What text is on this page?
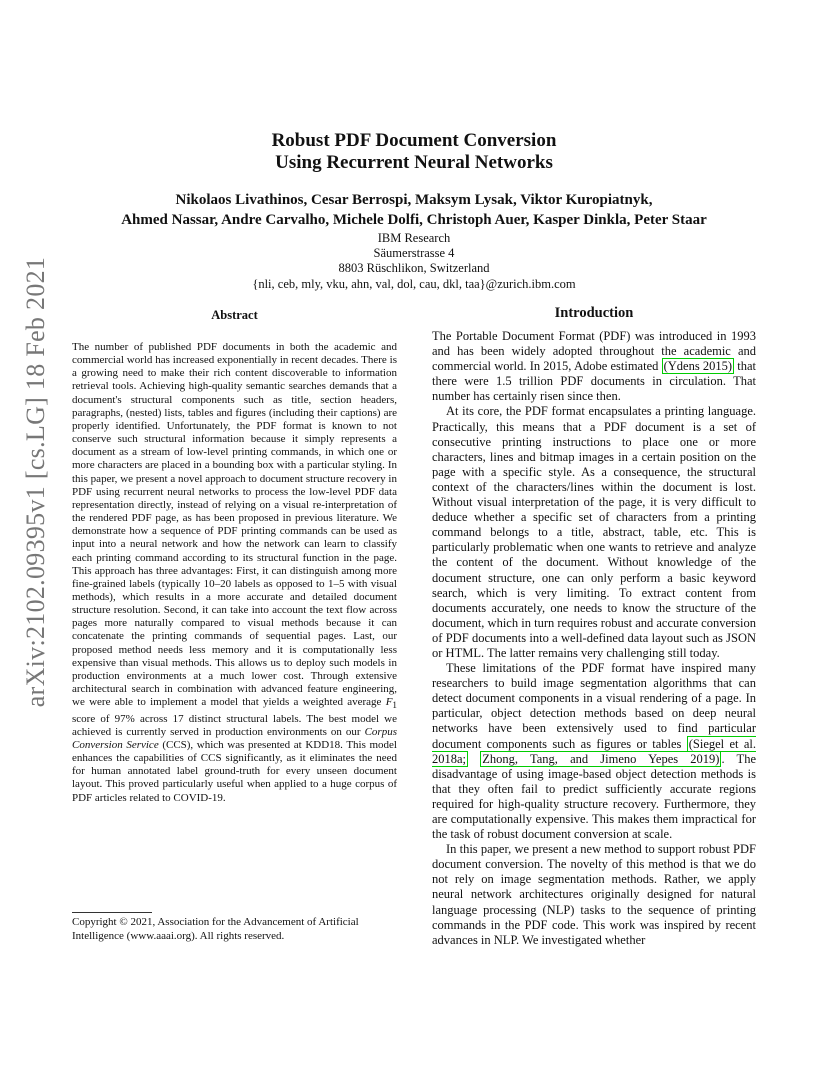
arXiv:2102.09395v1 [cs.LG] 18 Feb 2021
Robust PDF Document Conversion
Using Recurrent Neural Networks
Nikolaos Livathinos, Cesar Berrospi, Maksym Lysak, Viktor Kuropiatnyk,
Ahmed Nassar, Andre Carvalho, Michele Dolfi, Christoph Auer, Kasper Dinkla, Peter Staar
IBM Research
Säumerstrasse 4
8803 Rüschlikon, Switzerland
{nli, ceb, mly, vku, ahn, val, dol, cau, dkl, taa}@zurich.ibm.com
Abstract

The number of published PDF documents in both the academic and commercial world has increased exponentially in recent decades. There is a growing need to make their rich content discoverable to information retrieval tools. Achieving high-quality semantic searches demands that a document's structural components such as title, section headers, paragraphs, (nested) lists, tables and figures (including their captions) are properly identified. Unfortunately, the PDF format is known to not conserve such structural information because it simply represents a document as a stream of low-level printing commands, in which one or more characters are placed in a bounding box with a particular styling. In this paper, we present a novel approach to document structure recovery in PDF using recurrent neural networks to process the low-level PDF data representation directly, instead of relying on a visual re-interpretation of the rendered PDF page, as has been proposed in previous literature. We demonstrate how a sequence of PDF printing commands can be used as input into a neural network and how the network can learn to classify each printing command according to its structural function in the page. This approach has three advantages: First, it can distinguish among more fine-grained labels (typically 10–20 labels as opposed to 1–5 with visual methods), which results in a more accurate and detailed document structure resolution. Second, it can take into account the text flow across pages more naturally compared to visual methods because it can concatenate the printing commands of sequential pages. Last, our proposed method needs less memory and it is computationally less expensive than visual methods. This allows us to deploy such models in production environments at a much lower cost. Through extensive architectural search in combination with advanced feature engineering, we were able to implement a model that yields a weighted average $F_1$ score of 97% across 17 distinct structural labels. The best model we achieved is currently served in production environments on our Corpus Conversion Service (CCS), which was presented at KDD18. This model enhances the capabilities of CCS significantly, as it eliminates the need for human annotated label ground-truth for every unseen document layout. This proved particularly useful when applied to a huge corpus of PDF articles related to COVID-19.

Copyright © 2021, Association for the Advancement of Artificial

Intelligence (www.aaai.org). All rights reserved.

Introduction

The Portable Document Format (PDF) was introduced in 1993 and has been widely adopted throughout the academic and commercial world. In 2015, Adobe estimated (Ydens 2015) that there were 1.5 trillion PDF documents in circulation. That number has certainly risen since then.

At its core, the PDF format encapsulates a printing language. Practically, this means that a PDF document is a set of consecutive printing instructions to place one or more characters, lines and bitmap images in a certain position on the page with a specific style. As a consequence, the structural context of the characters/lines within the document is lost. Without visual interpretation of the page, it is very difficult to deduce whether a specific set of characters from a printing command belongs to a title, abstract, table, etc. This is particularly problematic when one wants to retrieve and analyze the content of the document. Without knowledge of the document structure, one can only perform a basic keyword search, which is very limiting. To extract content from documents accurately, one needs to know the structure of the document, which in turn requires robust and accurate conversion of PDF documents into a well-defined data layout such as JSON or HTML. The latter remains very challenging still today.

These limitations of the PDF format have inspired many researchers to build image segmentation algorithms that can detect document components in a visual rendering of a page. In particular, object detection methods based on deep neural networks have been extensively used to find particular document components such as figures or tables (Siegel et al. 2018a; Zhong, Tang, and Jimeno Yepes 2019) . The disadvantage of using image-based object detection methods is that they often fail to predict sufficiently accurate regions required for high-quality structure recovery. Furthermore, they are computationally expensive. This makes them impractical for the task of robust document conversion at scale.

In this paper, we present a new method to support robust PDF document conversion. The novelty of this method is that we do not rely on image segmentation methods. Rather, we apply neural network architectures originally designed for natural language processing (NLP) tasks to the sequence of printing commands in the PDF code. This work was inspired by recent advances in NLP. We investigated whether
